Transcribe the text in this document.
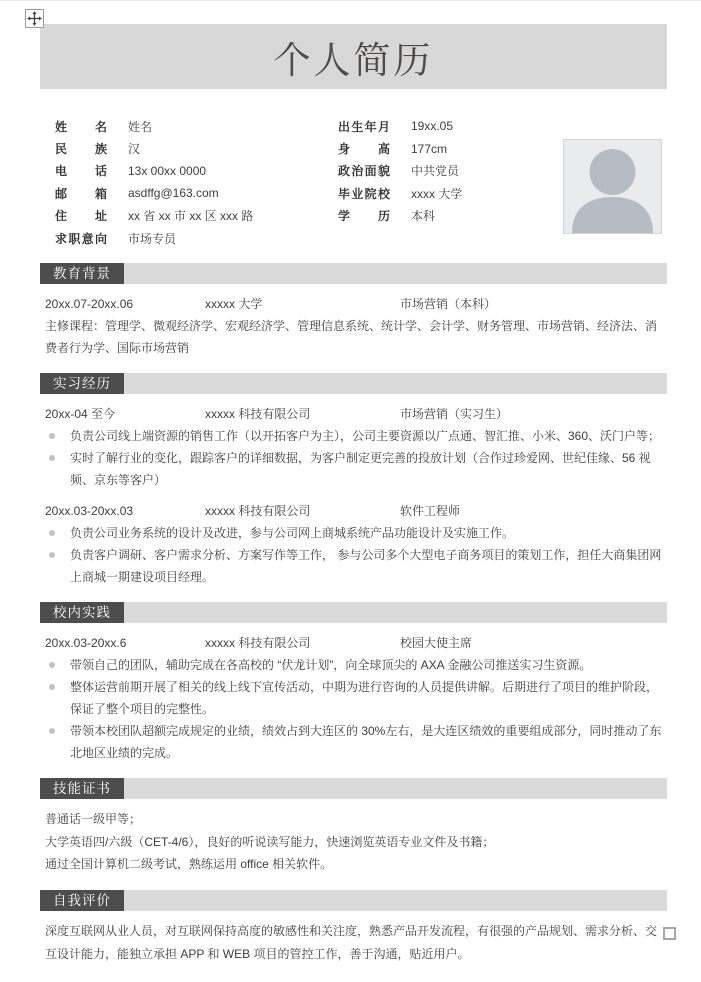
个人简历
姓名 姓名
民族 汉
电话 13x 00xx 0000
邮箱 asdffg@163.com
住址 xx 省 xx 市 xx 区 xxx 路
求职意向 市场专员
出生年月 19xx.05
身高 177cm
政治面貌 中共党员
毕业院校 xxxx 大学
学历 本科
教育背景
20xx.07-20xx.06	xxxxx 大学	市场营销（本科）

主修课程：管理学、微观经济学、宏观经济学、管理信息系统、统计学、会计学、财务管理、市场营销、经济法、消费者行为学、国际市场营销

实习经历
20xx-04 至今	xxxxx 科技有限公司	市场营销（实习生）
负责公司线上端资源的销售工作（以开拓客户为主），公司主要资源以广点通、智汇推、小米、360、沃门户等；
实时了解行业的变化，跟踪客户的详细数据，为客户制定更完善的投放计划（合作过珍爱网、世纪佳缘、56 视频、京东等客户）
20xx.03-20xx.03	xxxxx 科技有限公司	软件工程师
负责公司业务系统的设计及改进，参与公司网上商城系统产品功能设计及实施工作。
负责客户调研、客户需求分析、方案写作等工作， 参与公司多个大型电子商务项目的策划工作，担任大商集团网上商城一期建设项目经理。
校内实践
20xx.03-20xx.6	xxxxx 科技有限公司	校园大使主席
带领自己的团队，辅助完成在各高校的 “伏龙计划”，向全球顶尖的 AXA 金融公司推送实习生资源。
整体运营前期开展了相关的线上线下宣传活动，中期为进行咨询的人员提供讲解。后期进行了项目的维护阶段，保证了整个项目的完整性。
带领本校团队超额完成规定的业绩，绩效占到大连区的 30%左右，是大连区绩效的重要组成部分，同时推动了东北地区业绩的完成。
技能证书
普通话一级甲等；
大学英语四/六级（CET-4/6），良好的听说读写能力，快速浏览英语专业文件及书籍；
通过全国计算机二级考试，熟练运用 office 相关软件。
自我评价

深度互联网从业人员，对互联网保持高度的敏感性和关注度，熟悉产品开发流程，有很强的产品规划、需求分析、交互设计能力，能独立承担 APP 和 WEB 项目的管控工作，善于沟通，贴近用户。
